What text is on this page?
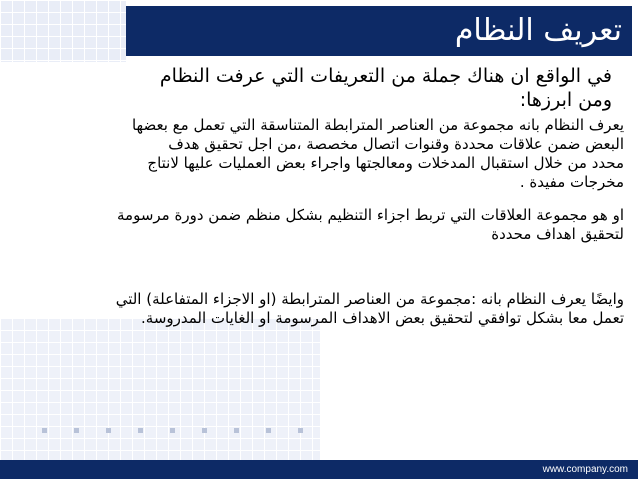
تعريف النظام
في الواقع ان هناك جملة من التعريفات التي عرفت النظام
ومن ابرزها:
يعرف النظام بانه مجموعة من العناصر المترابطة المتناسقة التي تعمل مع بعضها
البعض ضمن علاقات محددة وقنوات اتصال مخصصة ،من اجل تحقيق هدف
محدد من خلال استقبال المدخلات ومعالجتها واجراء بعض العمليات عليها لانتاج
مخرجات مفيدة .
او هو مجموعة العلاقات التي تربط اجزاء التنظيم بشكل منظم ضمن دورة مرسومة
لتحقيق اهداف محددة
وايضًا يعرف النظام بانه :مجموعة من العناصر المترابطة (او الاجزاء المتفاعلة) التي
تعمل معا بشكل توافقي لتحقيق بعض الاهداف المرسومة او الغايات المدروسة.
www.company.com
